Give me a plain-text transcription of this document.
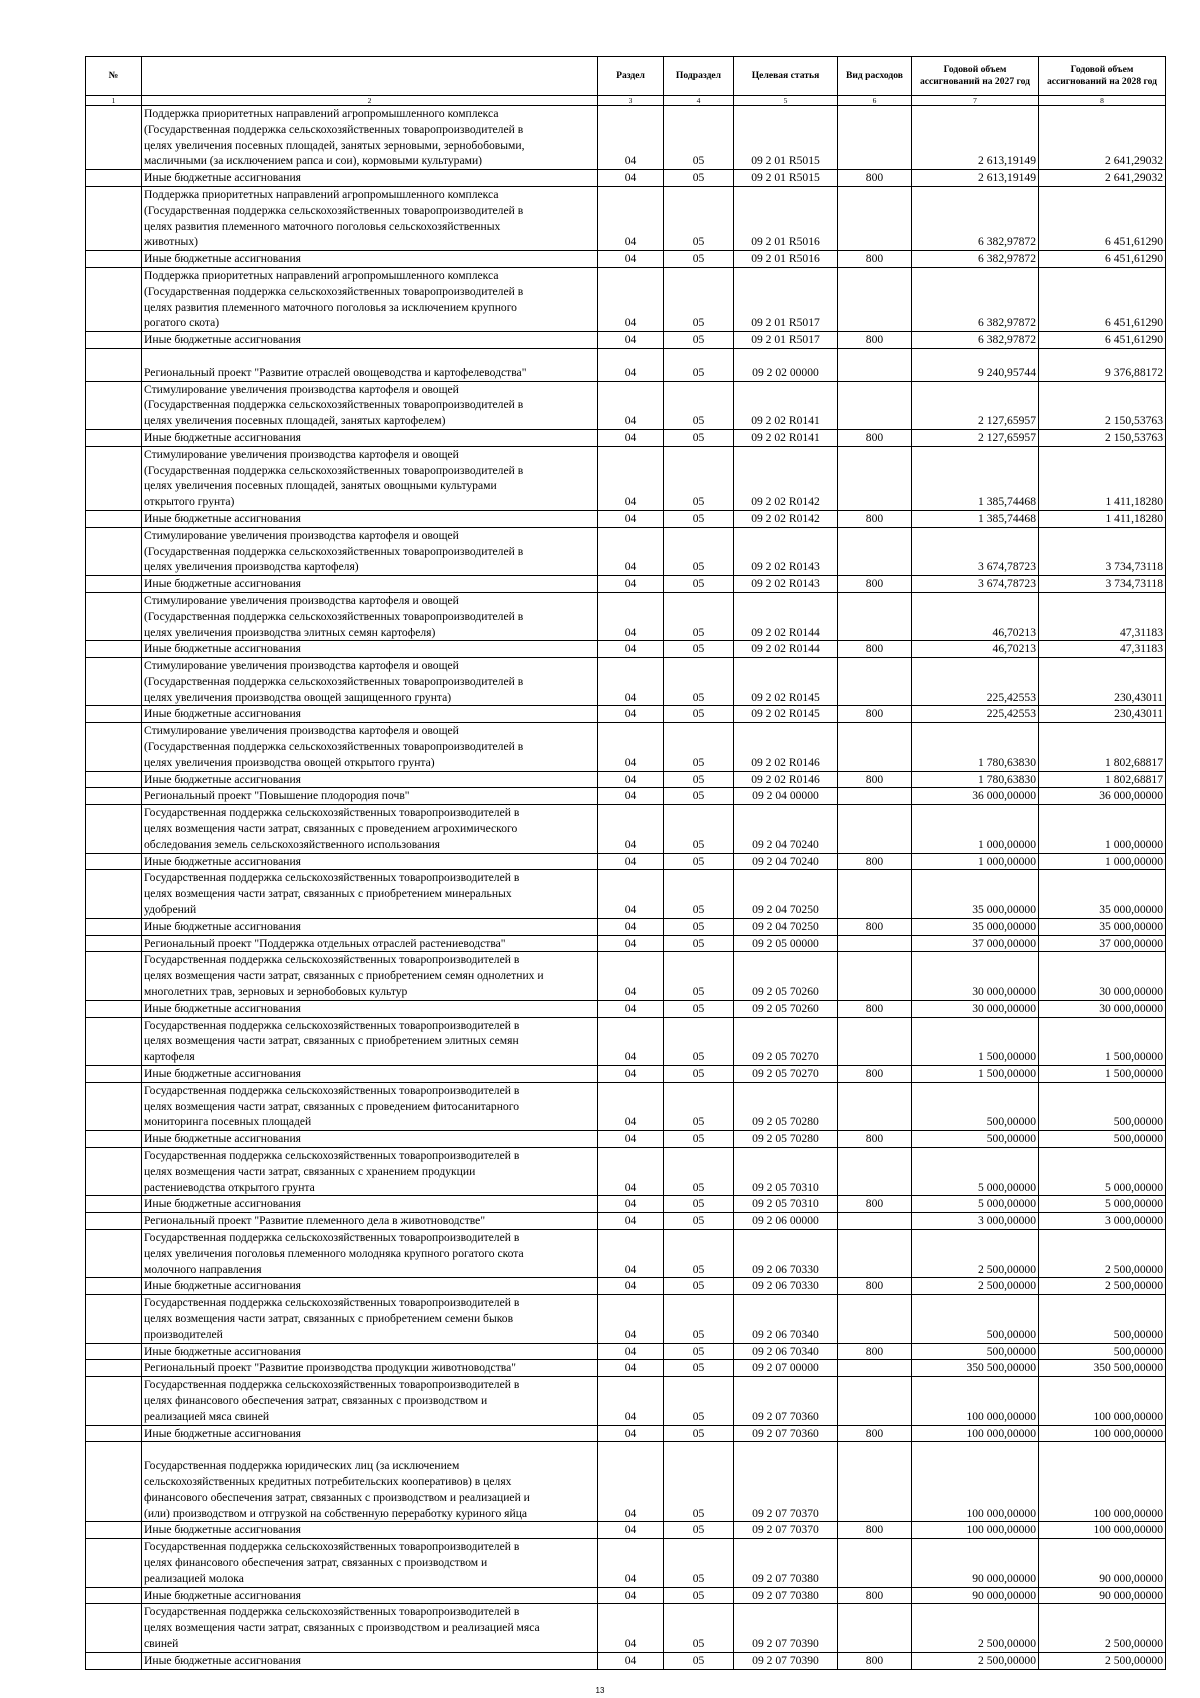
№		Раздел	Подраздел	Целевая статья	Вид расходов	Годовой объем ассигнований на 2027 год	Годовой объем ассигнований на 2028 год
1	2	3	4	5	6	7	8
	Поддержка приоритетных направлений агропромышленного комплекса
(Государственная поддержка сельскохозяйственных товаропроизводителей в
целях увеличения посевных площадей, занятых зерновыми, зернобобовыми,
масличными (за исключением рапса и сои), кормовыми культурами)	04	05	09 2 01 R5015		2 613,19149	2 641,29032
	Иные бюджетные ассигнования	04	05	09 2 01 R5015	800	2 613,19149	2 641,29032
	Поддержка приоритетных направлений агропромышленного комплекса
(Государственная поддержка сельскохозяйственных товаропроизводителей в
целях развития племенного маточного поголовья сельскохозяйственных
животных)	04	05	09 2 01 R5016		6 382,97872	6 451,61290
	Иные бюджетные ассигнования	04	05	09 2 01 R5016	800	6 382,97872	6 451,61290
	Поддержка приоритетных направлений агропромышленного комплекса
(Государственная поддержка сельскохозяйственных товаропроизводителей в
целях развития племенного маточного поголовья за исключением крупного
рогатого скота)	04	05	09 2 01 R5017		6 382,97872	6 451,61290
	Иные бюджетные ассигнования	04	05	09 2 01 R5017	800	6 382,97872	6 451,61290

Региональный проект "Развитие отраслей овощеводства и картофелеводства"	04	05	09 2 02 00000		9 240,95744	9 376,88172
	Стимулирование увеличения производства картофеля и овощей
(Государственная поддержка сельскохозяйственных товаропроизводителей в
целях увеличения посевных площадей, занятых картофелем)	04	05	09 2 02 R0141		2 127,65957	2 150,53763
	Иные бюджетные ассигнования	04	05	09 2 02 R0141	800	2 127,65957	2 150,53763
	Стимулирование увеличения производства картофеля и овощей
(Государственная поддержка сельскохозяйственных товаропроизводителей в
целях увеличения посевных площадей, занятых овощными культурами
открытого грунта)	04	05	09 2 02 R0142		1 385,74468	1 411,18280
	Иные бюджетные ассигнования	04	05	09 2 02 R0142	800	1 385,74468	1 411,18280
	Стимулирование увеличения производства картофеля и овощей
(Государственная поддержка сельскохозяйственных товаропроизводителей в
целях увеличения производства картофеля)	04	05	09 2 02 R0143		3 674,78723	3 734,73118
	Иные бюджетные ассигнования	04	05	09 2 02 R0143	800	3 674,78723	3 734,73118
	Стимулирование увеличения производства картофеля и овощей
(Государственная поддержка сельскохозяйственных товаропроизводителей в
целях увеличения производства элитных семян картофеля)	04	05	09 2 02 R0144		46,70213	47,31183
	Иные бюджетные ассигнования	04	05	09 2 02 R0144	800	46,70213	47,31183
	Стимулирование увеличения производства картофеля и овощей
(Государственная поддержка сельскохозяйственных товаропроизводителей в
целях увеличения производства овощей защищенного грунта)	04	05	09 2 02 R0145		225,42553	230,43011
	Иные бюджетные ассигнования	04	05	09 2 02 R0145	800	225,42553	230,43011
	Стимулирование увеличения производства картофеля и овощей
(Государственная поддержка сельскохозяйственных товаропроизводителей в
целях увеличения производства овощей открытого грунта)	04	05	09 2 02 R0146		1 780,63830	1 802,68817
	Иные бюджетные ассигнования	04	05	09 2 02 R0146	800	1 780,63830	1 802,68817
	Региональный проект "Повышение плодородия почв"	04	05	09 2 04 00000		36 000,00000	36 000,00000
	Государственная поддержка сельскохозяйственных товаропроизводителей в
целях возмещения части затрат, связанных с проведением агрохимического
обследования земель сельскохозяйственного использования	04	05	09 2 04 70240		1 000,00000	1 000,00000
	Иные бюджетные ассигнования	04	05	09 2 04 70240	800	1 000,00000	1 000,00000
	Государственная поддержка сельскохозяйственных товаропроизводителей в
целях возмещения части затрат, связанных с приобретением минеральных
удобрений	04	05	09 2 04 70250		35 000,00000	35 000,00000
	Иные бюджетные ассигнования	04	05	09 2 04 70250	800	35 000,00000	35 000,00000
	Региональный проект "Поддержка отдельных отраслей растениеводства"	04	05	09 2 05 00000		37 000,00000	37 000,00000
	Государственная поддержка сельскохозяйственных товаропроизводителей в
целях возмещения части затрат, связанных с приобретением семян однолетних и
многолетних трав, зерновых и зернобобовых культур	04	05	09 2 05 70260		30 000,00000	30 000,00000
	Иные бюджетные ассигнования	04	05	09 2 05 70260	800	30 000,00000	30 000,00000
	Государственная поддержка сельскохозяйственных товаропроизводителей в
целях возмещения части затрат, связанных с приобретением элитных семян
картофеля	04	05	09 2 05 70270		1 500,00000	1 500,00000
	Иные бюджетные ассигнования	04	05	09 2 05 70270	800	1 500,00000	1 500,00000
	Государственная поддержка сельскохозяйственных товаропроизводителей в
целях возмещения части затрат, связанных с проведением фитосанитарного
мониторинга посевных площадей	04	05	09 2 05 70280		500,00000	500,00000
	Иные бюджетные ассигнования	04	05	09 2 05 70280	800	500,00000	500,00000
	Государственная поддержка сельскохозяйственных товаропроизводителей в
целях возмещения части затрат, связанных с хранением продукции
растениеводства открытого грунта	04	05	09 2 05 70310		5 000,00000	5 000,00000
	Иные бюджетные ассигнования	04	05	09 2 05 70310	800	5 000,00000	5 000,00000
	Региональный проект "Развитие племенного дела в животноводстве"	04	05	09 2 06 00000		3 000,00000	3 000,00000
	Государственная поддержка сельскохозяйственных товаропроизводителей в
целях увеличения поголовья племенного молодняка крупного рогатого скота
молочного направления	04	05	09 2 06 70330		2 500,00000	2 500,00000
	Иные бюджетные ассигнования	04	05	09 2 06 70330	800	2 500,00000	2 500,00000
	Государственная поддержка сельскохозяйственных товаропроизводителей в
целях возмещения части затрат, связанных с приобретением семени быков
производителей	04	05	09 2 06 70340		500,00000	500,00000
	Иные бюджетные ассигнования	04	05	09 2 06 70340	800	500,00000	500,00000
	Региональный проект "Развитие производства продукции животноводства"	04	05	09 2 07 00000		350 500,00000	350 500,00000
	Государственная поддержка сельскохозяйственных товаропроизводителей в
целях финансового обеспечения затрат, связанных с производством и
реализацией мяса свиней	04	05	09 2 07 70360		100 000,00000	100 000,00000
	Иные бюджетные ассигнования	04	05	09 2 07 70360	800	100 000,00000	100 000,00000

Государственная поддержка юридических лиц (за исключением
сельскохозяйственных кредитных потребительских кооперативов) в целях
финансового обеспечения затрат, связанных с производством и реализацией и
(или) производством и отгрузкой на собственную переработку куриного яйца	04	05	09 2 07 70370		100 000,00000	100 000,00000
	Иные бюджетные ассигнования	04	05	09 2 07 70370	800	100 000,00000	100 000,00000
	Государственная поддержка сельскохозяйственных товаропроизводителей в
целях финансового обеспечения затрат, связанных с производством и
реализацией молока	04	05	09 2 07 70380		90 000,00000	90 000,00000
	Иные бюджетные ассигнования	04	05	09 2 07 70380	800	90 000,00000	90 000,00000
	Государственная поддержка сельскохозяйственных товаропроизводителей в
целях возмещения части затрат, связанных с производством и реализацией мяса
свиней	04	05	09 2 07 70390		2 500,00000	2 500,00000
	Иные бюджетные ассигнования	04	05	09 2 07 70390	800	2 500,00000	2 500,00000
13
